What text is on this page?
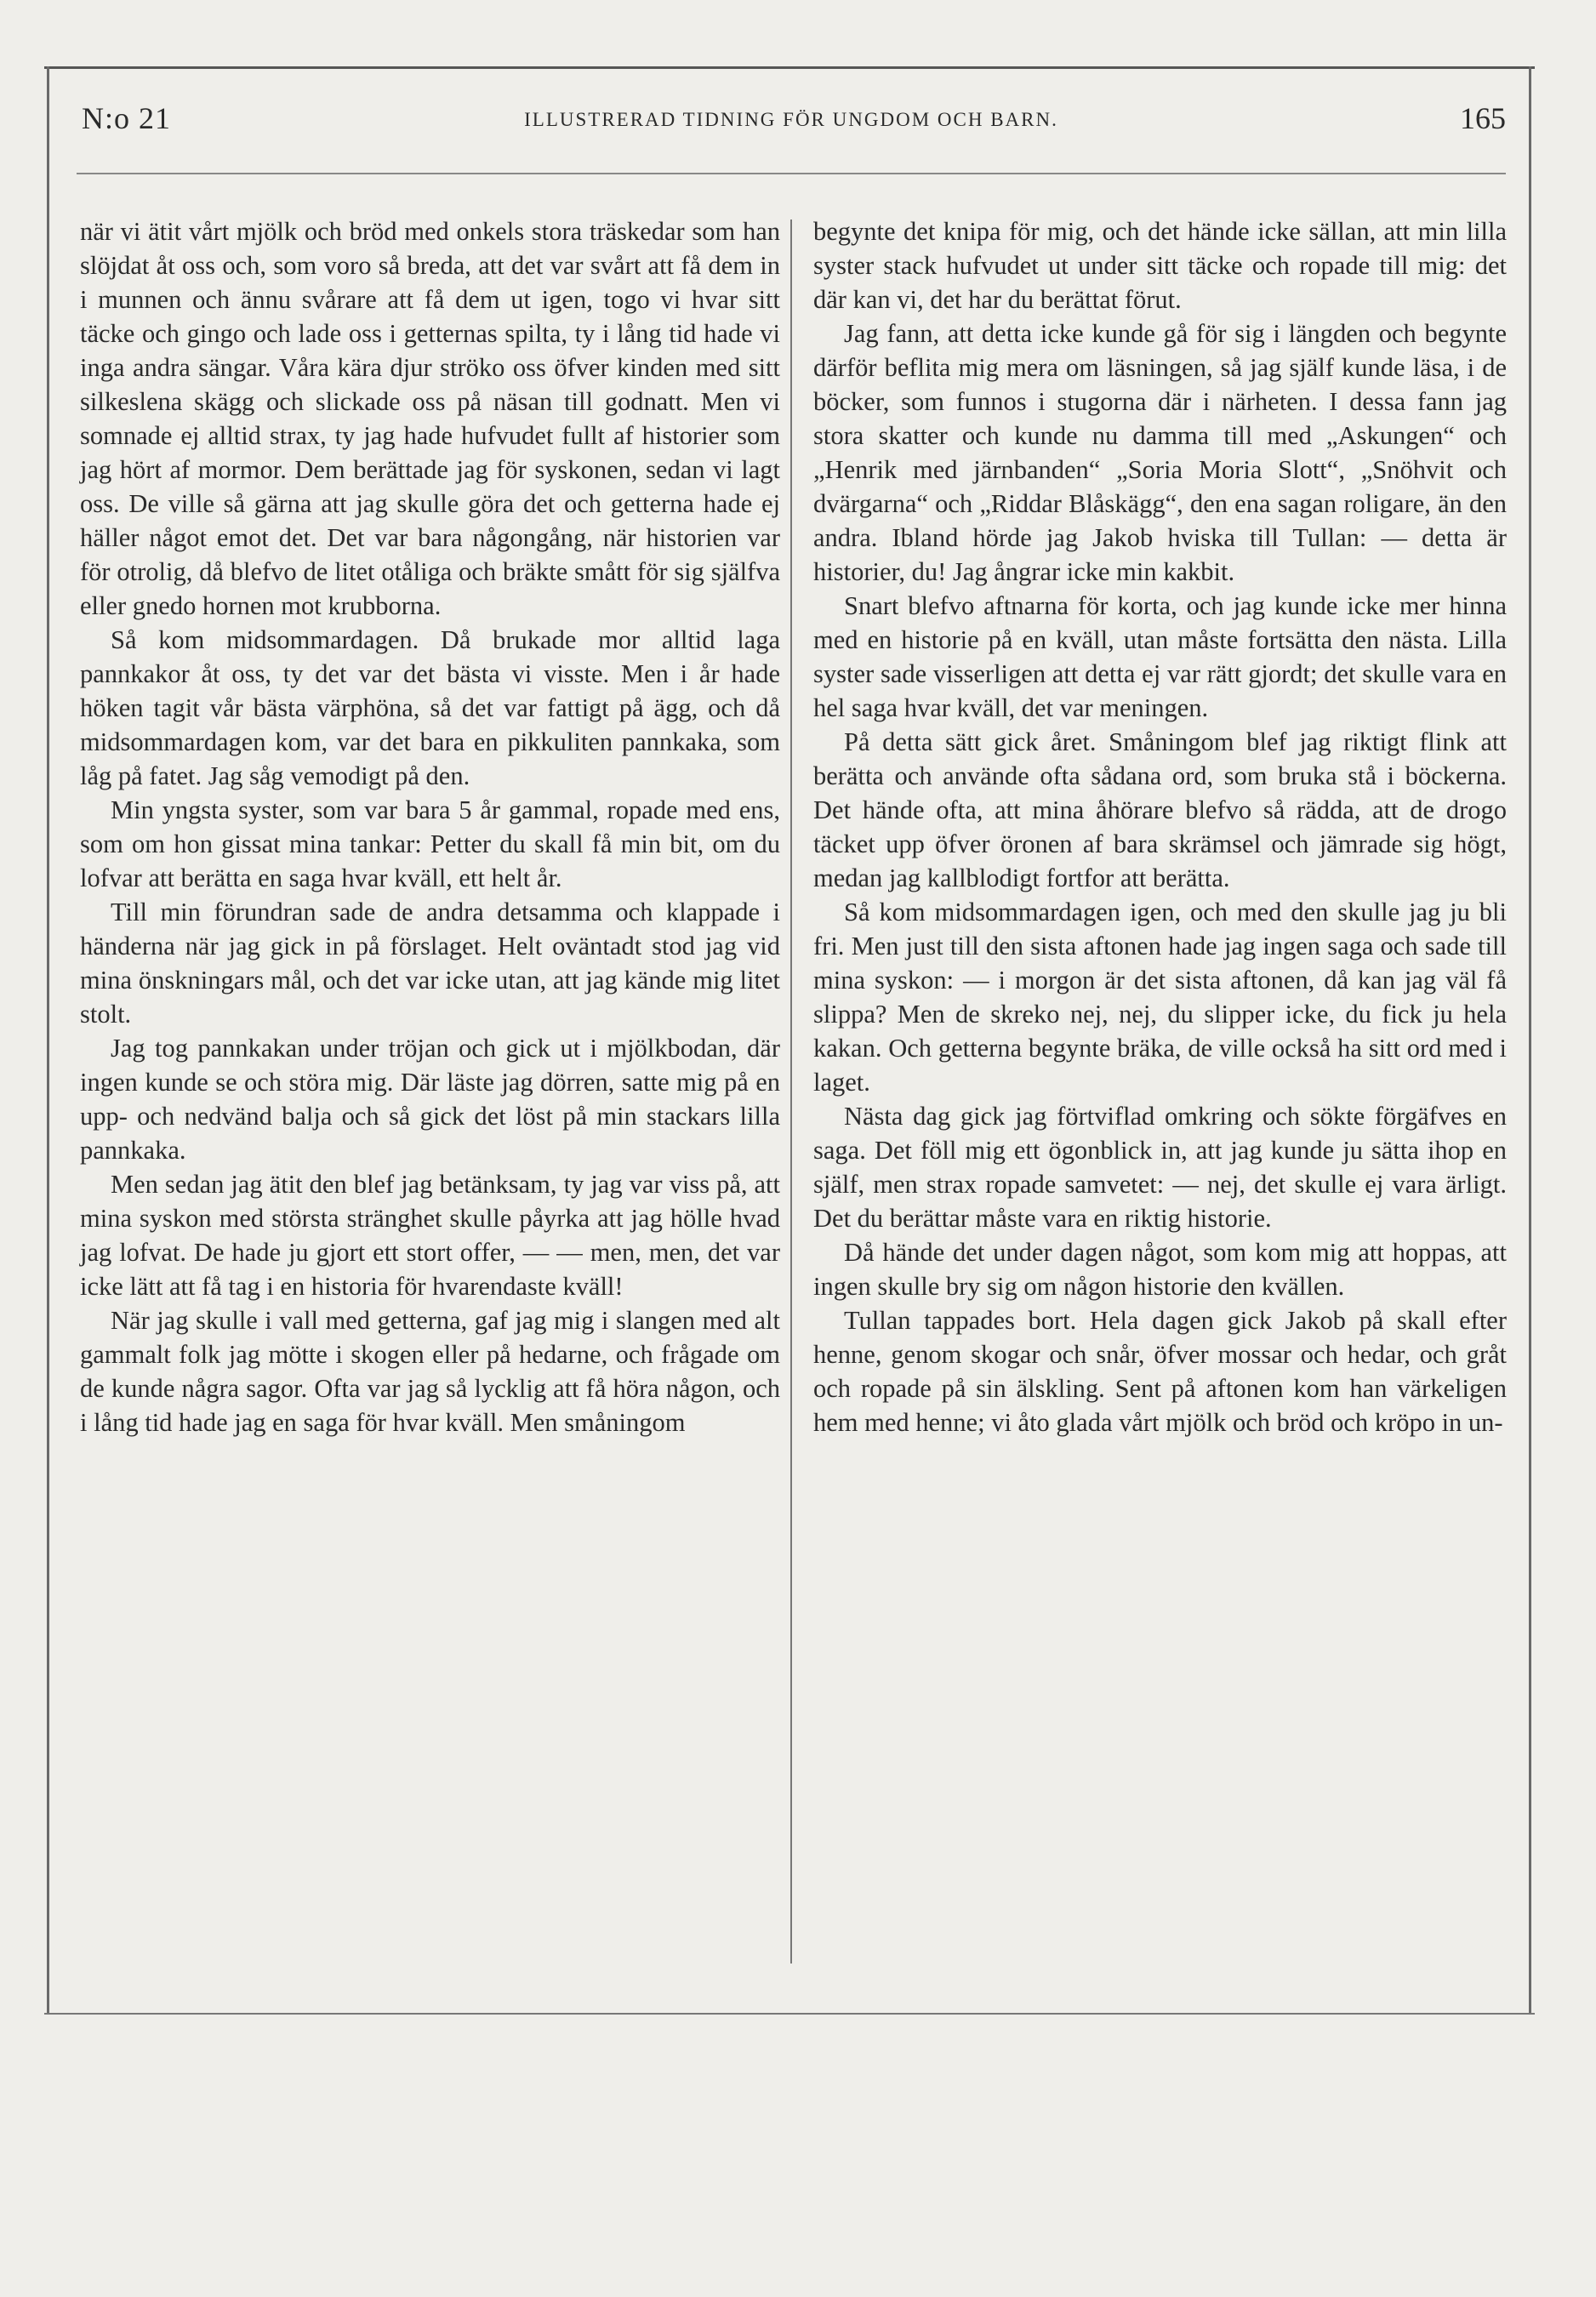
N:o 21	ILLUSTRERAD TIDNING FÖR UNGDOM OCH BARN.	165

när vi ätit vårt mjölk och bröd med onkels stora träskedar som han slöjdat åt oss och, som voro så breda, att det var svårt att få dem in i munnen och ännu svårare att få dem ut igen, togo vi hvar sitt täcke och gingo och lade oss i getternas spilta, ty i lång tid hade vi inga andra sängar. Våra kära djur ströko oss öfver kinden med sitt silkeslena skägg och slickade oss på näsan till godnatt. Men vi somnade ej alltid strax, ty jag hade hufvudet fullt af historier som jag hört af mormor. Dem berättade jag för syskonen, sedan vi lagt oss. De ville så gärna att jag skulle göra det och getterna hade ej häller något emot det. Det var bara någongång, när historien var för otrolig, då blefvo de litet otåliga och bräkte smått för sig själfva eller gnedo hornen mot krubborna.

Så kom midsommardagen. Då brukade mor alltid laga pannkakor åt oss, ty det var det bästa vi visste. Men i år hade höken tagit vår bästa värphöna, så det var fattigt på ägg, och då midsommardagen kom, var det bara en pikkuliten pannkaka, som låg på fatet. Jag såg vemodigt på den.

Min yngsta syster, som var bara 5 år gammal, ropade med ens, som om hon gissat mina tankar: Petter du skall få min bit, om du lofvar att berätta en saga hvar kväll, ett helt år.

Till min förundran sade de andra detsamma och klappade i händerna när jag gick in på förslaget. Helt oväntadt stod jag vid mina önskningars mål, och det var icke utan, att jag kände mig litet stolt.

Jag tog pannkakan under tröjan och gick ut i mjölkbodan, där ingen kunde se och störa mig. Där läste jag dörren, satte mig på en upp- och nedvänd balja och så gick det löst på min stackars lilla pannkaka.

Men sedan jag ätit den blef jag betänksam, ty jag var viss på, att mina syskon med största stränghet skulle påyrka att jag hölle hvad jag lofvat. De hade ju gjort ett stort offer, — — men, men, det var icke lätt att få tag i en historia för hvarendaste kväll!

När jag skulle i vall med getterna, gaf jag mig i slangen med alt gammalt folk jag mötte i skogen eller på hedarne, och frågade om de kunde några sagor. Ofta var jag så lycklig att få höra någon, och i lång tid hade jag en saga för hvar kväll. Men småningom

begynte det knipa för mig, och det hände icke sällan, att min lilla syster stack hufvudet ut under sitt täcke och ropade till mig: det där kan vi, det har du berättat förut.

Jag fann, att detta icke kunde gå för sig i längden och begynte därför beflita mig mera om läsningen, så jag själf kunde läsa, i de böcker, som funnos i stugorna där i närheten. I dessa fann jag stora skatter och kunde nu damma till med „Askungen“ och „Henrik med järnbanden“ „Soria Moria Slott“, „Snöhvit och dvärgarna“ och „Riddar Blåskägg“, den ena sagan roligare, än den andra. Ibland hörde jag Jakob hviska till Tullan: — detta är historier, du! Jag ångrar icke min kakbit.

Snart blefvo aftnarna för korta, och jag kunde icke mer hinna med en historie på en kväll, utan måste fortsätta den nästa. Lilla syster sade visserligen att detta ej var rätt gjordt; det skulle vara en hel saga hvar kväll, det var meningen.

På detta sätt gick året. Småningom blef jag riktigt flink att berätta och använde ofta sådana ord, som bruka stå i böckerna. Det hände ofta, att mina åhörare blefvo så rädda, att de drogo täcket upp öfver öronen af bara skrämsel och jämrade sig högt, medan jag kallblodigt fortfor att berätta.

Så kom midsommardagen igen, och med den skulle jag ju bli fri. Men just till den sista aftonen hade jag ingen saga och sade till mina syskon: — i morgon är det sista aftonen, då kan jag väl få slippa? Men de skreko nej, nej, du slipper icke, du fick ju hela kakan. Och getterna begynte bräka, de ville också ha sitt ord med i laget.

Nästa dag gick jag förtviflad omkring och sökte förgäfves en saga. Det föll mig ett ögonblick in, att jag kunde ju sätta ihop en själf, men strax ropade samvetet: — nej, det skulle ej vara ärligt. Det du berättar måste vara en riktig historie.

Då hände det under dagen något, som kom mig att hoppas, att ingen skulle bry sig om någon historie den kvällen.

Tullan tappades bort. Hela dagen gick Jakob på skall efter henne, genom skogar och snår, öfver mossar och hedar, och gråt och ropade på sin älskling. Sent på aftonen kom han värkeligen hem med henne; vi åto glada vårt mjölk och bröd och kröpo in un-
